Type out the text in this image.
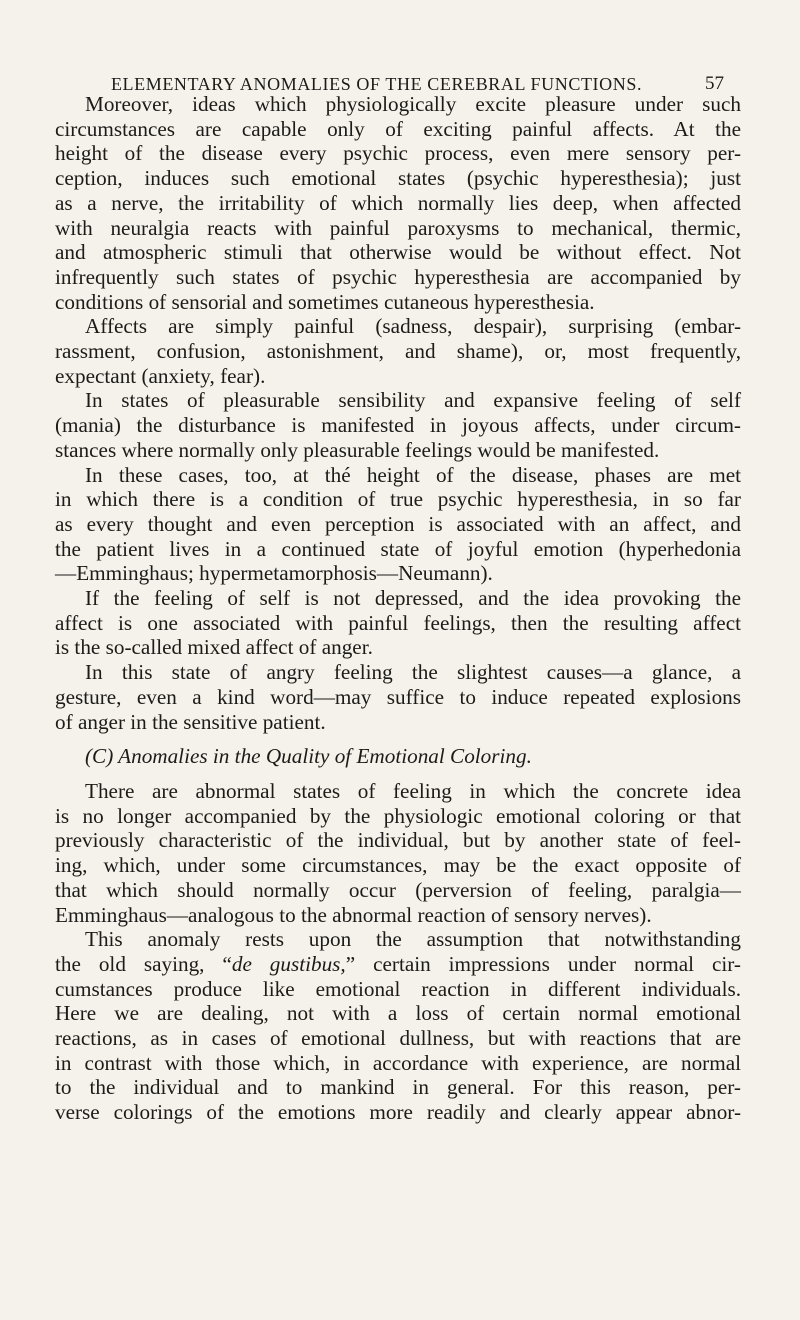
ELEMENTARY ANOMALIES OF THE CEREBRAL FUNCTIONS.	57
Moreover, ideas which physiologically excite pleasure under such
circumstances are capable only of exciting painful affects. At the
height of the disease every psychic process, even mere sensory per-
ception, induces such emotional states (psychic hyperesthesia); just
as a nerve, the irritability of which normally lies deep, when affected
with neuralgia reacts with painful paroxysms to mechanical, thermic,
and atmospheric stimuli that otherwise would be without effect. Not
infrequently such states of psychic hyperesthesia are accompanied by
conditions of sensorial and sometimes cutaneous hyperesthesia.
Affects are simply painful (sadness, despair), surprising (embar-
rassment, confusion, astonishment, and shame), or, most frequently,
expectant (anxiety, fear).
In states of pleasurable sensibility and expansive feeling of self
(mania) the disturbance is manifested in joyous affects, under circum-
stances where normally only pleasurable feelings would be manifested.
In these cases, too, at thé height of the disease, phases are met
in which there is a condition of true psychic hyperesthesia, in so far
as every thought and even perception is associated with an affect, and
the patient lives in a continued state of joyful emotion (hyperhedonia
—Emminghaus; hypermetamorphosis—Neumann).
If the feeling of self is not depressed, and the idea provoking the
affect is one associated with painful feelings, then the resulting affect
is the so-called mixed affect of anger.
In this state of angry feeling the slightest causes—a glance, a
gesture, even a kind word—may suffice to induce repeated explosions
of anger in the sensitive patient.
(C) Anomalies in the Quality of Emotional Coloring.
There are abnormal states of feeling in which the concrete idea
is no longer accompanied by the physiologic emotional coloring or that
previously characteristic of the individual, but by another state of feel-
ing, which, under some circumstances, may be the exact opposite of
that which should normally occur (perversion of feeling, paralgia—
Emminghaus—analogous to the abnormal reaction of sensory nerves).
This anomaly rests upon the assumption that notwithstanding
the old saying, “de gustibus,” certain impressions under normal cir-
cumstances produce like emotional reaction in different individuals.
Here we are dealing, not with a loss of certain normal emotional
reactions, as in cases of emotional dullness, but with reactions that are
in contrast with those which, in accordance with experience, are normal
to the individual and to mankind in general. For this reason, per-
verse colorings of the emotions more readily and clearly appear abnor-
